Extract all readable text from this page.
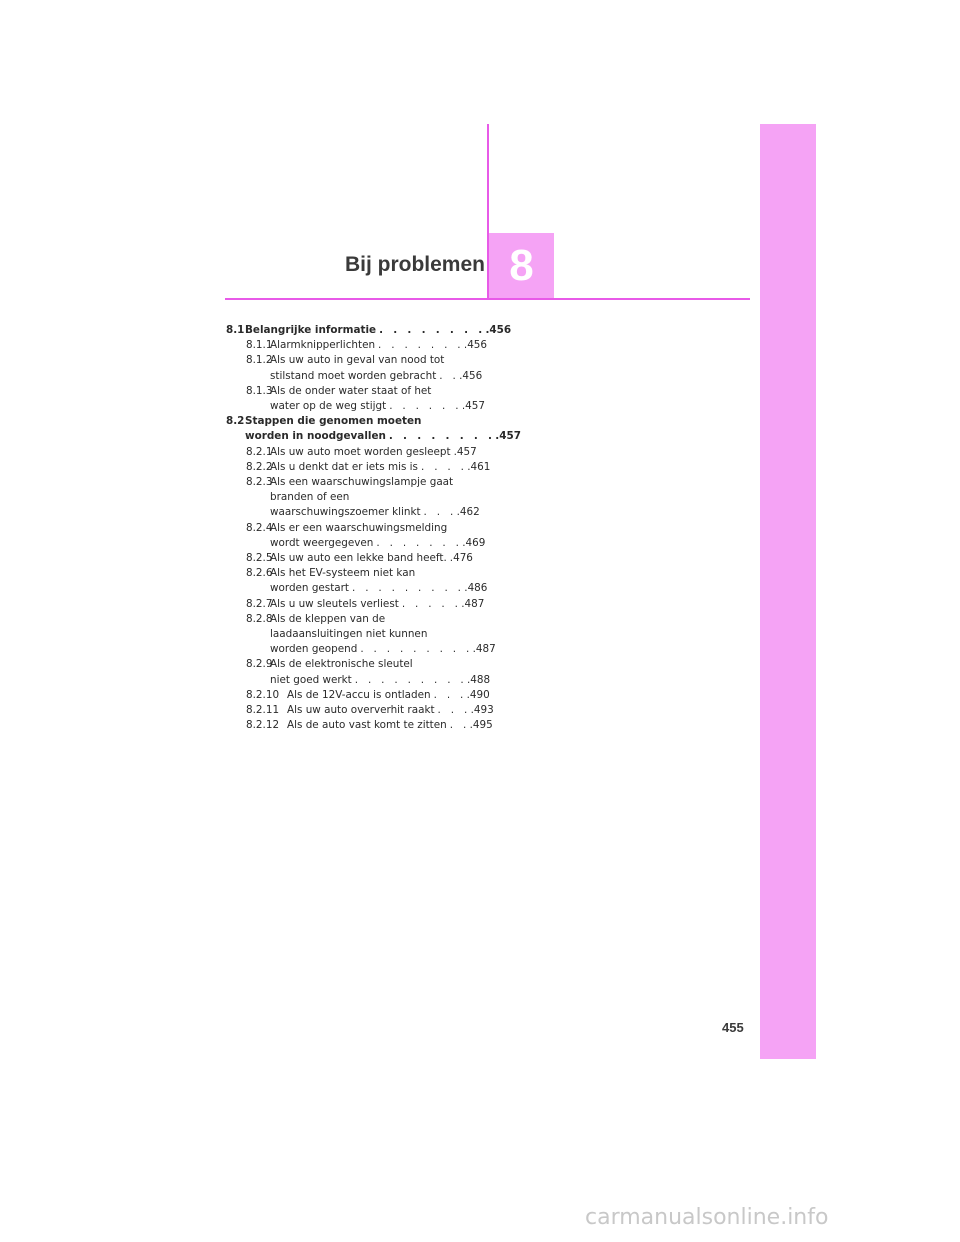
8
Bij problemen
8.1 Belangrijke informatie . . . . . . . . .456
8.1.1
Alarmknipperlichten . . . . . . . .456
8.1.2
Als uw auto in geval van nood tot
stilstand moet worden gebracht . . .456
8.1.3
Als de onder water staat of het
water op de weg stijgt . . . . . . .457
8.2 Stappen die genomen moeten
worden in noodgevallen . . . . . . . . .457
8.2.1
Als uw auto moet worden gesleept .457
8.2.2
Als u denkt dat er iets mis is . . . . .461
8.2.3
Als een waarschuwingslampje gaat
branden of een
waarschuwingszoemer klinkt . . . .462
8.2.4
Als er een waarschuwingsmelding
wordt weergegeven . . . . . . . .469
8.2.5
Als uw auto een lekke band heeft. .476
8.2.6
Als het EV-systeem niet kan
worden gestart . . . . . . . . . .486
8.2.7
Als u uw sleutels verliest . . . . . .487
8.2.8
Als de kleppen van de
laadaansluitingen niet kunnen
worden geopend . . . . . . . . . .487
8.2.9
Als de elektronische sleutel
niet goed werkt . . . . . . . . . .488
8.2.10 Als de 12V-accu is ontladen . . . .490
8.2.11 Als uw auto oververhit raakt . . . .493
8.2.12 Als de auto vast komt te zitten . . .495
455
carmanualsonline.info
